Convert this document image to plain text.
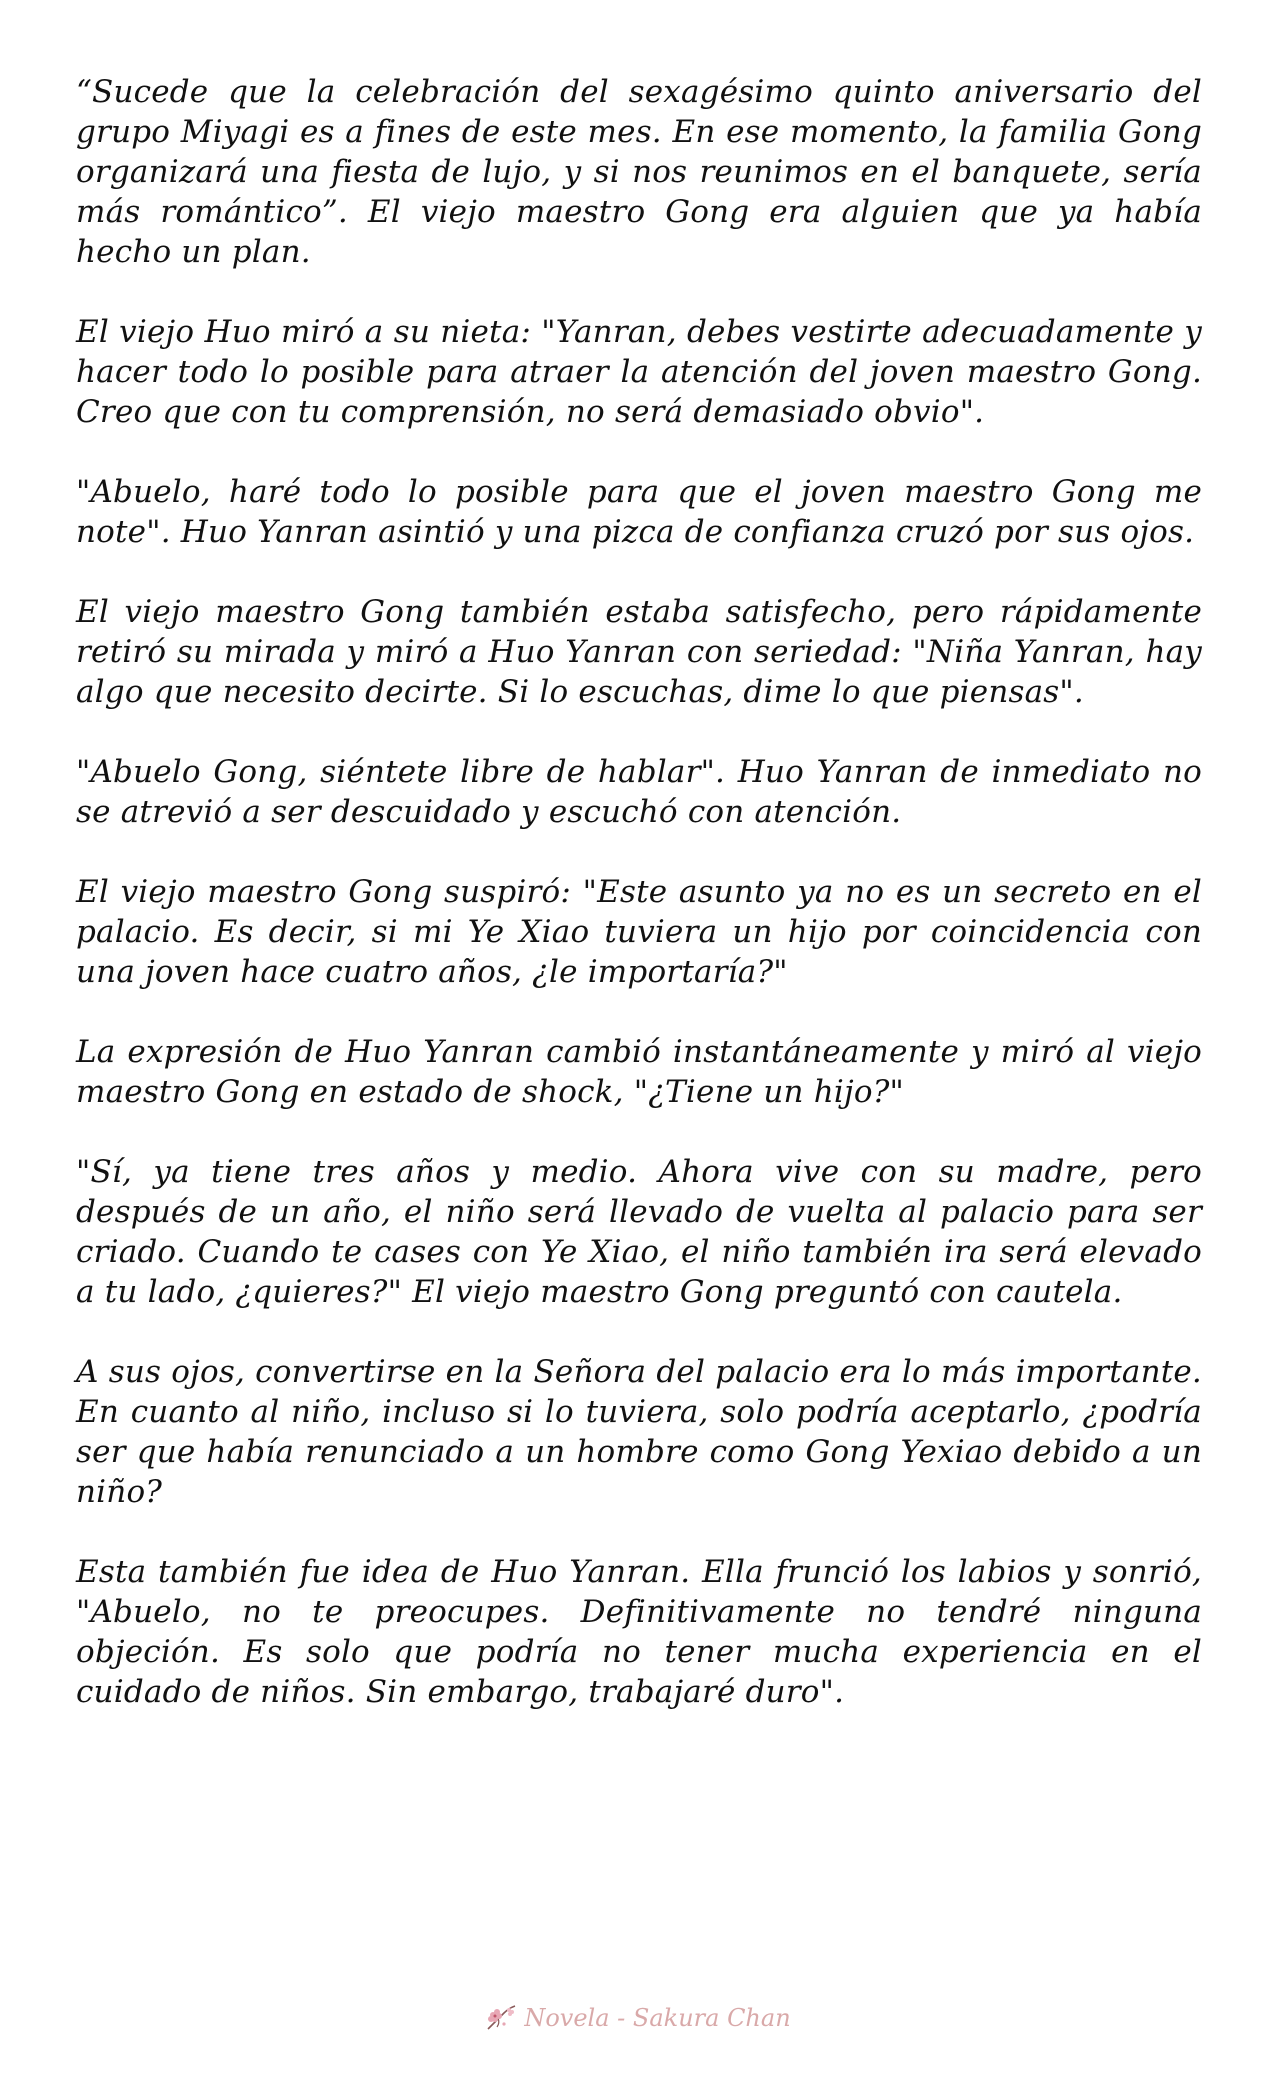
“Sucede que la celebración del sexagésimo quinto aniversario del grupo Miyagi es a fines de este mes. En ese momento, la familia Gong organizará una fiesta de lujo, y si nos reunimos en el banquete, sería más romántico”. El viejo maestro Gong era alguien que ya había hecho un plan.

El viejo Huo miró a su nieta: "Yanran, debes vestirte adecuadamente y hacer todo lo posible para atraer la atención del joven maestro Gong. Creo que con tu comprensión, no será demasiado obvio".

"Abuelo, haré todo lo posible para que el joven maestro Gong me note". Huo Yanran asintió y una pizca de confianza cruzó por sus ojos.

El viejo maestro Gong también estaba satisfecho, pero rápidamente retiró su mirada y miró a Huo Yanran con seriedad: "Niña Yanran, hay algo que necesito decirte. Si lo escuchas, dime lo que piensas".

"Abuelo Gong, siéntete libre de hablar". Huo Yanran de inmediato no se atrevió a ser descuidado y escuchó con atención.

El viejo maestro Gong suspiró: "Este asunto ya no es un secreto en el palacio. Es decir, si mi Ye Xiao tuviera un hijo por coincidencia con una joven hace cuatro años, ¿le importaría?"

La expresión de Huo Yanran cambió instantáneamente y miró al viejo maestro Gong en estado de shock, "¿Tiene un hijo?"

"Sí, ya tiene tres años y medio. Ahora vive con su madre, pero después de un año, el niño será llevado de vuelta al palacio para ser criado. Cuando te cases con Ye Xiao, el niño también ira será elevado a tu lado, ¿quieres?" El viejo maestro Gong preguntó con cautela.

A sus ojos, convertirse en la Señora del palacio era lo más importante. En cuanto al niño, incluso si lo tuviera, solo podría aceptarlo, ¿podría ser que había renunciado a un hombre como Gong Yexiao debido a un niño?

Esta también fue idea de Huo Yanran. Ella frunció los labios y sonrió, "Abuelo, no te preocupes. Definitivamente no tendré ninguna objeción. Es solo que podría no tener mucha experiencia en el cuidado de niños. Sin embargo, trabajaré duro".

Novela - Sakura Chan
